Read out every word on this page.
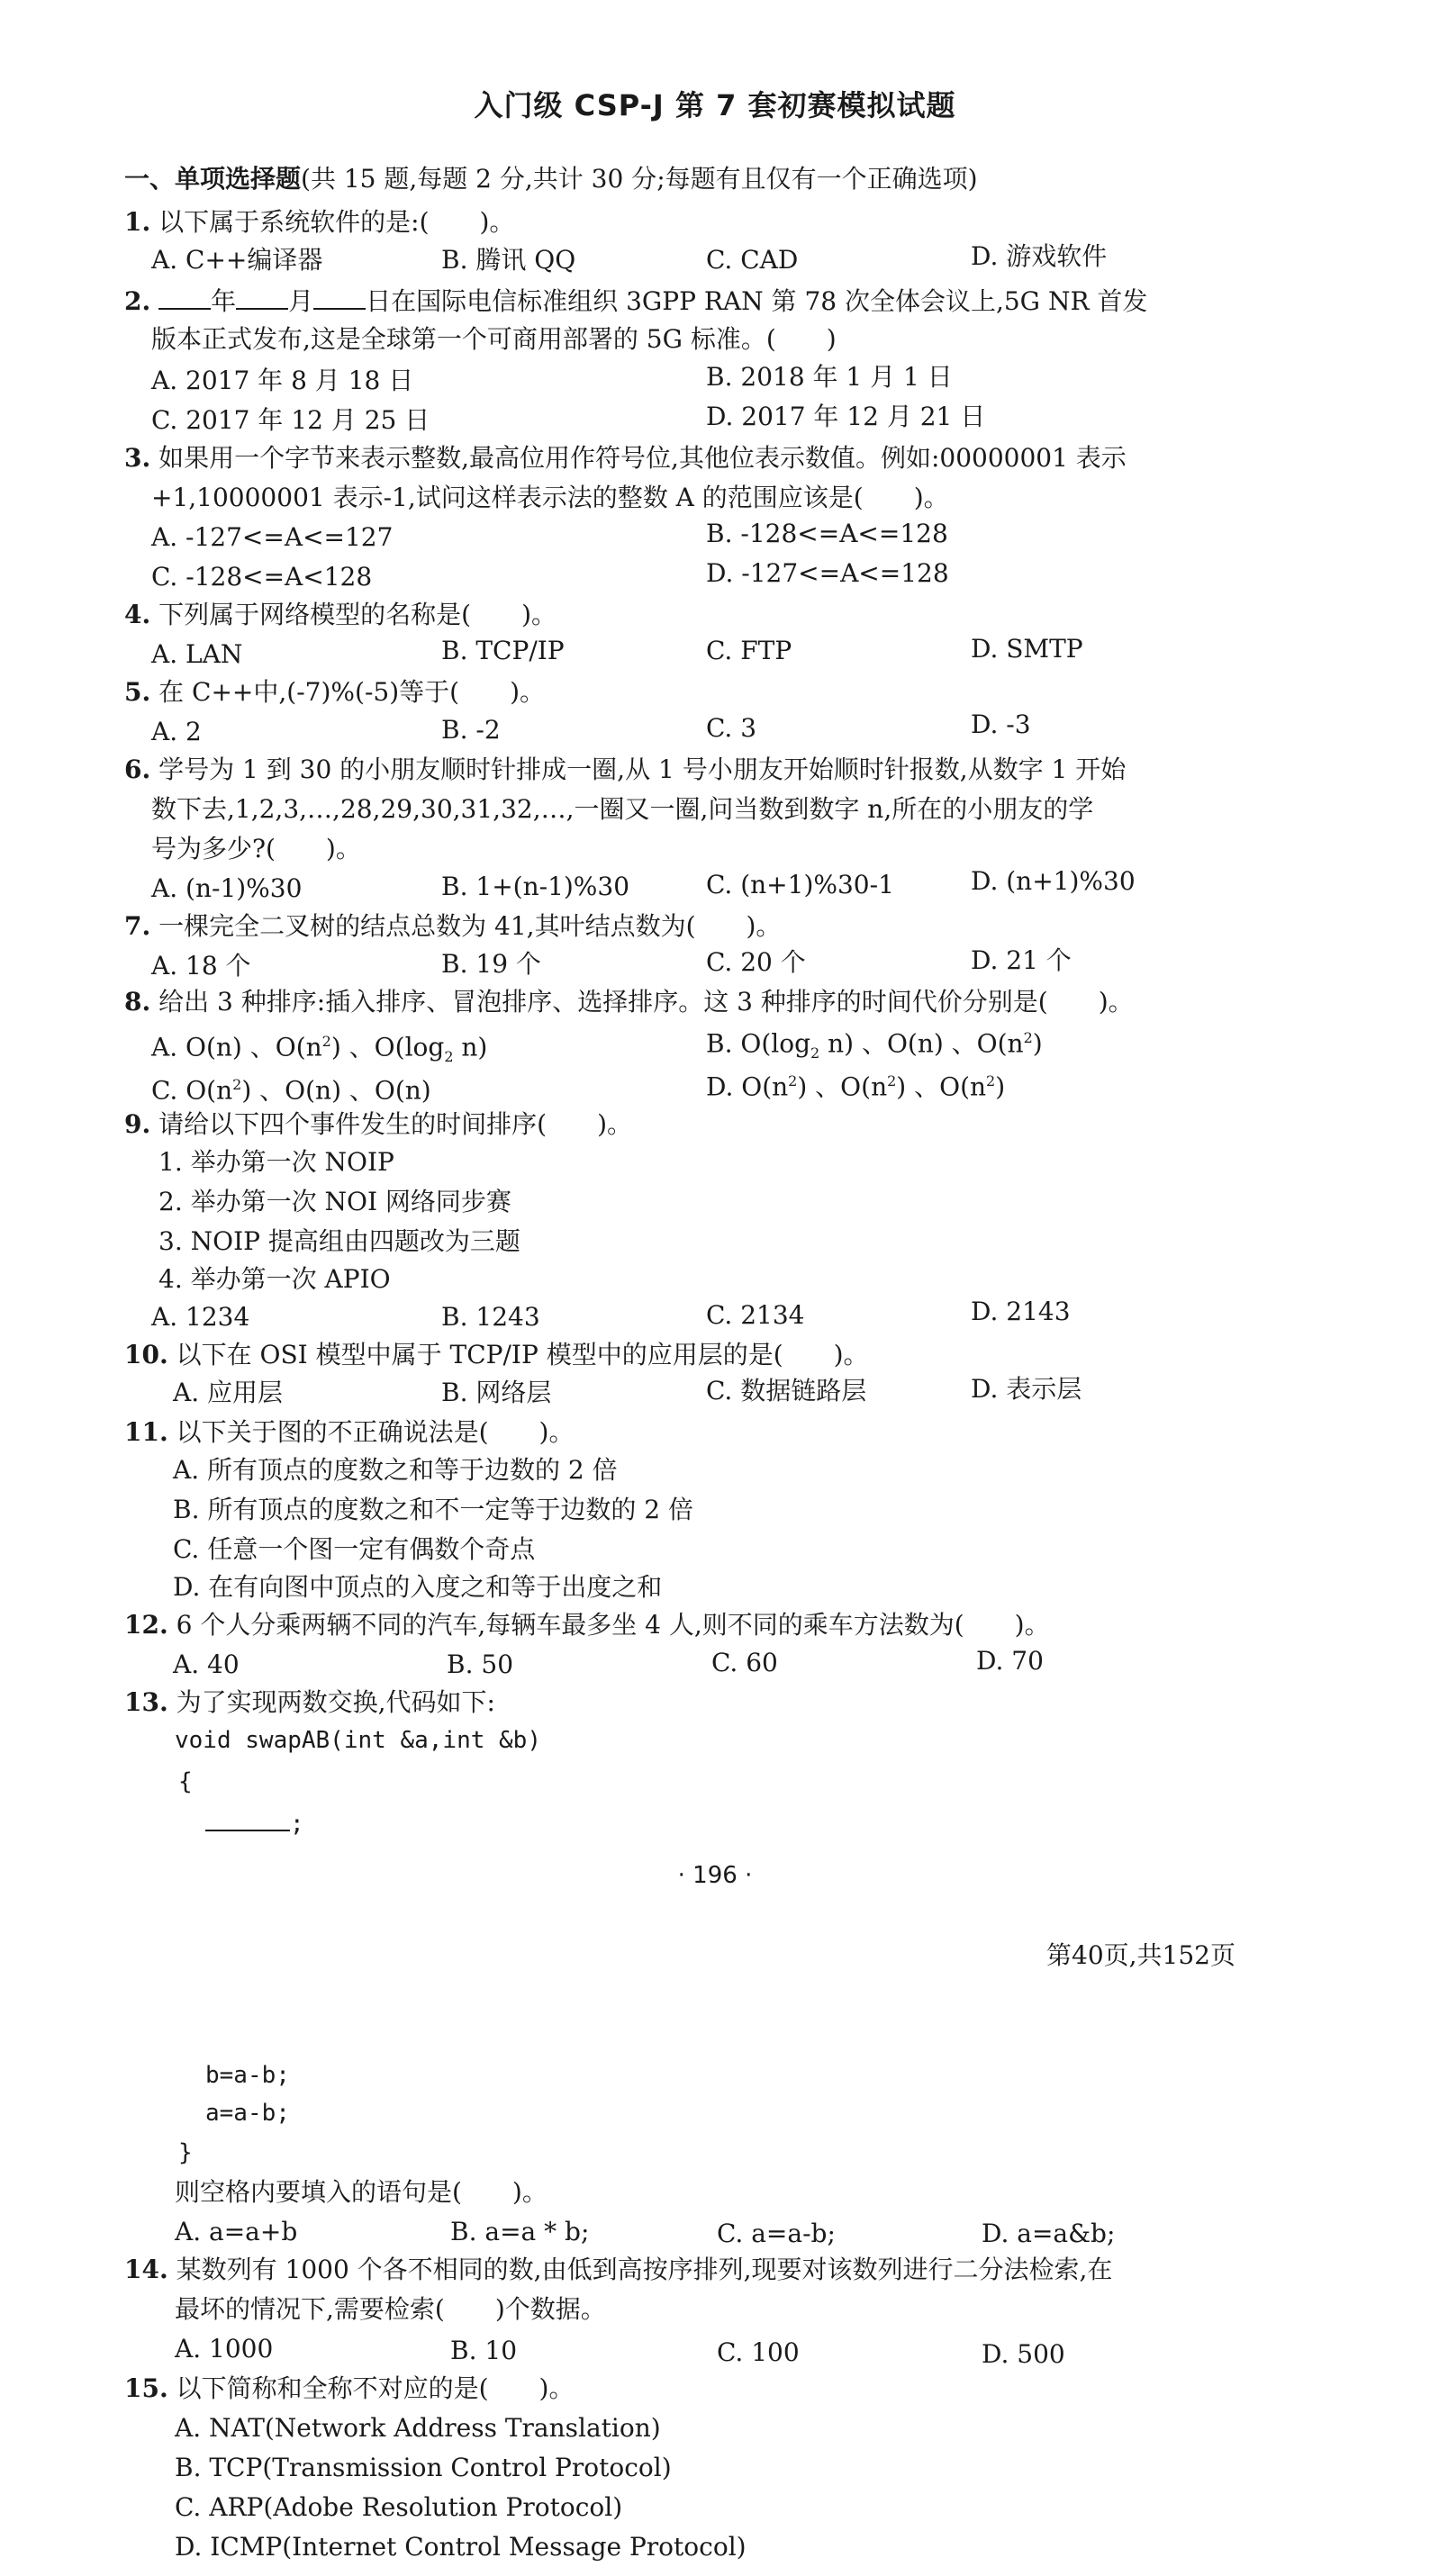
入门级 CSP-J 第 7 套初赛模拟试题
一、单项选择题(共 15 题,每题 2 分,共计 30 分;每题有且仅有一个正确选项)
1. 以下属于系统软件的是:(　　)。
A. C++编译器	B. 腾讯 QQ	C. CAD	D. 游戏软件
2. 年 月 日在国际电信标准组织 3GPP RAN 第 78 次全体会议上,5G NR 首发
版本正式发布,这是全球第一个可商用部署的 5G 标准。(　　)
A. 2017 年 8 月 18 日	B. 2018 年 1 月 1 日
C. 2017 年 12 月 25 日	D. 2017 年 12 月 21 日
3. 如果用一个字节来表示整数,最高位用作符号位,其他位表示数值。例如:00000001 表示
+1,10000001 表示-1,试问这样表示法的整数 A 的范围应该是(　　)。
A. -127<=A<=127	B. -128<=A<=128
C. -128<=A<128	D. -127<=A<=128
4. 下列属于网络模型的名称是(　　)。
A. LAN	B. TCP/IP	C. FTP	D. SMTP
5. 在 C++中,(-7)%(-5)等于(　　)。
A. 2	B. -2	C. 3	D. -3
6. 学号为 1 到 30 的小朋友顺时针排成一圈,从 1 号小朋友开始顺时针报数,从数字 1 开始
数下去,1,2,3,…,28,29,30,31,32,…,一圈又一圈,问当数到数字 n,所在的小朋友的学
号为多少?(　　)。
A. (n-1)%30	B. 1+(n-1)%30	C. (n+1)%30-1	D. (n+1)%30
7. 一棵完全二叉树的结点总数为 41,其叶结点数为(　　)。
A. 18 个	B. 19 个	C. 20 个	D. 21 个
8. 给出 3 种排序:插入排序、冒泡排序、选择排序。这 3 种排序的时间代价分别是(　　)。
A. O(n) 、$O(n^2)$ 、$O(\log_2$ n)	B. $O(\log_2$ n) 、O(n) 、$O(n^2)$
C. $O(n^2)$ 、O(n) 、O(n)	D. $O(n^2)$ 、$O(n^2)$ 、$O(n^2)$
9. 请给以下四个事件发生的时间排序(　　)。
1. 举办第一次 NOIP
2. 举办第一次 NOI 网络同步赛
3. NOIP 提高组由四题改为三题
4. 举办第一次 APIO
A. 1234	B. 1243	C. 2134	D. 2143
10. 以下在 OSI 模型中属于 TCP/IP 模型中的应用层的是(　　)。
A. 应用层	B. 网络层	C. 数据链路层	D. 表示层
11. 以下关于图的不正确说法是(　　)。
A. 所有顶点的度数之和等于边数的 2 倍
B. 所有顶点的度数之和不一定等于边数的 2 倍
C. 任意一个图一定有偶数个奇点
D. 在有向图中顶点的入度之和等于出度之和
12. 6 个人分乘两辆不同的汽车,每辆车最多坐 4 人,则不同的乘车方法数为(　　)。
A. 40	B. 50	C. 60	D. 70
13. 为了实现两数交换,代码如下:
void swapAB(int &a,int &b)
{
;
· 196 ·
第40页,共152页
b=a-b;
a=a-b;
}
则空格内要填入的语句是(　　)。
A. a=a+b	B. a=a * b;	C. a=a-b;	D. a=a&b;
14. 某数列有 1000 个各不相同的数,由低到高按序排列,现要对该数列进行二分法检索,在
最坏的情况下,需要检索(　　)个数据。
A. 1000	B. 10	C. 100	D. 500
15. 以下简称和全称不对应的是(　　)。
A. NAT(Network Address Translation)
B. TCP(Transmission Control Protocol)
C. ARP(Adobe Resolution Protocol)
D. ICMP(Internet Control Message Protocol)
